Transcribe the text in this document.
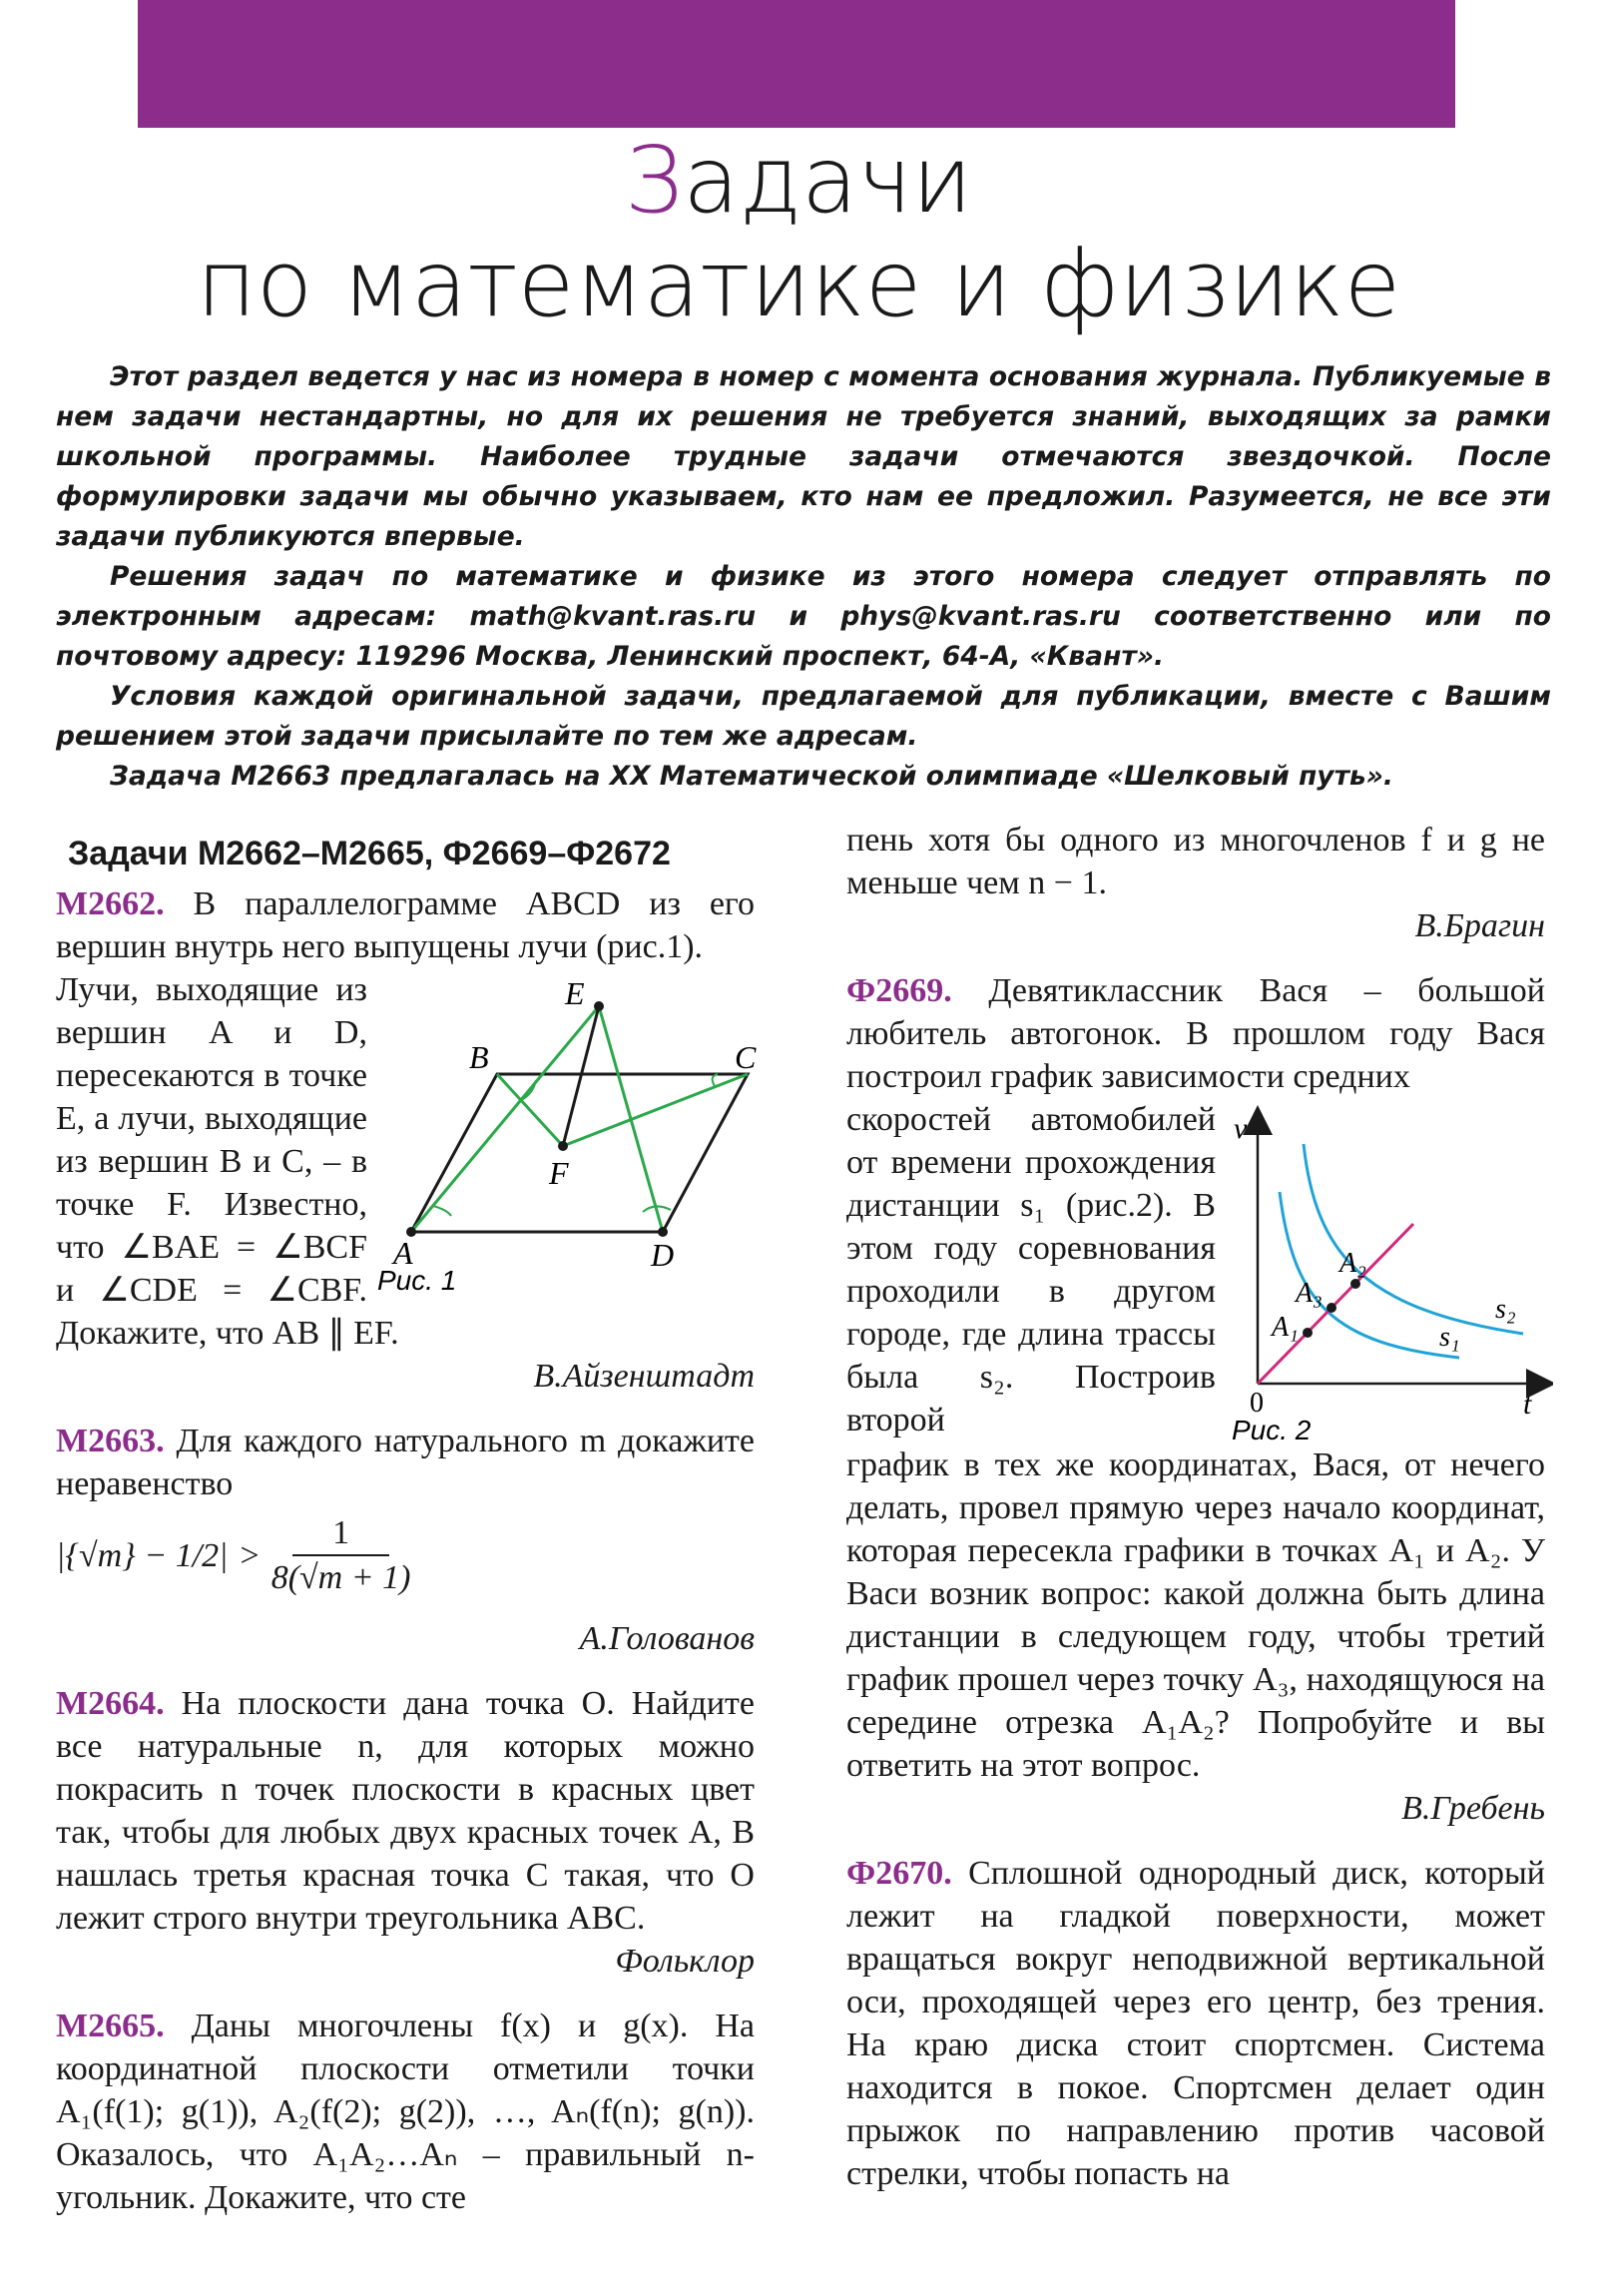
Задачи
по математике и физике

Этот раздел ведется у нас из номера в номер с момента основания журнала. Публикуемые в нем задачи нестандартны, но для их решения не требуется знаний, выходящих за рамки школьной программы. Наиболее трудные задачи отмечаются звездочкой. После формулировки задачи мы обычно указываем, кто нам ее предложил. Разумеется, не все эти задачи публикуются впервые.

Решения задач по математике и физике из этого номера следует отправлять по электронным адресам: math@kvant.ras.ru и phys@kvant.ras.ru соответственно или по почтовому адресу: 119296 Москва, Ленинский проспект, 64-А, «Квант».

Условия каждой оригинальной задачи, предлагаемой для публикации, вместе с Вашим решением этой задачи присылайте по тем же адресам.

Задача М2663 предлагалась на XX Математической олимпиаде «Шелковый путь».

Задачи М2662–М2665, Ф2669–Ф2672

М2662. В параллелограмме ABCD из его вершин внутрь него выпущены лучи (рис.1).

A
B	C
D
E
F
Рис. 1

Лучи, выходящие из вершин A и D, пересекаются в точке E, а лучи, выходящие из вершин B и C, – в точке F. Известно, что ∠BAE = ∠BCF и ∠CDE = ∠CBF. Докажите, что AB ∥ EF.

В.Айзенштадт

М2663. Для каждого натурального m докажите неравенство

$|\{√m\} - 1/2| > \frac{1}{8(√m + 1)}$

А.Голованов

М2664. На плоскости дана точка O. Найдите все натуральные n, для которых можно покрасить n точек плоскости в красных цвет так, чтобы для любых двух красных точек A, B нашлась третья красная точка C такая, что O лежит строго внутри треугольника ABC.

Фольклор

М2665. Даны многочлены f(x) и g(x). На координатной плоскости отметили точки A₁(f(1); g(1)), A₂(f(2); g(2)), …, Aₙ(f(n); g(n)). Оказалось, что A₁A₂…Aₙ – правильный n-угольник. Докажите, что сте

пень хотя бы одного из многочленов f и g не меньше чем n − 1.

В.Брагин

Ф2669. Девятиклассник Вася – большой любитель автогонок. В прошлом году Вася построил график зависимости средних

v
t
0
A₁
A₃
A₂
s₁
s₂
Рис. 2

скоростей автомобилей от времени прохождения дистанции s₁ (рис.2). В этом году соревнования проходили в другом городе, где длина трассы была s₂. Построив второй

график в тех же координатах, Вася, от нечего делать, провел прямую через начало координат, которая пересекла графики в точках A₁ и A₂. У Васи возник вопрос: какой должна быть длина дистанции в следующем году, чтобы третий график прошел через точку A₃, находящуюся на середине отрезка A₁A₂? Попробуйте и вы ответить на этот вопрос.

В.Гребень

Ф2670. Сплошной однородный диск, который лежит на гладкой поверхности, может вращаться вокруг неподвижной вертикальной оси, проходящей через его центр, без трения. На краю диска стоит спортсмен. Система находится в покое. Спортсмен делает один прыжок по направлению против часовой стрелки, чтобы попасть на
